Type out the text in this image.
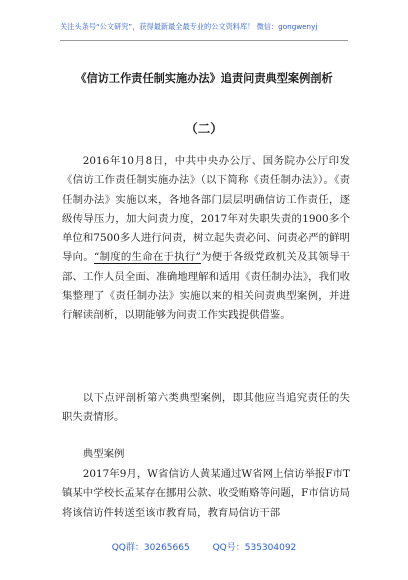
关注头条号“公文研究”，获得最新最全最专业的公文资料库！ 微信：gongwenyj
《信访工作责任制实施办法》追责问责典型案例剖析
（二）

2016年10月8日，中共中央办公厅、国务院办公厅印发《信访工作责任制实施办法》（以下简称《责任制办法》）。《责任制办法》实施以来，各地各部门层层明确信访工作责任，逐级传导压力，加大问责力度，2017年对失职失责的1900多个单位和7500多人进行问责，树立起失责必问、问责必严的鲜明导向。“制度的生命在于执行”为便于各级党政机关及其领导干部、工作人员全面、准确地理解和适用《责任制办法》，我们收集整理了《责任制办法》实施以来的相关问责典型案例，并进行解读剖析，以期能够为问责工作实践提供借鉴。

以下点评剖析第六类典型案例，即其他应当追究责任的失职失责情形。

典型案例

2017年9月，W省信访人黄某通过W省网上信访举报F市T镇某中学校长孟某存在挪用公款、收受贿赂等问题，F市信访局将该信访件转送至该市教育局，教育局信访干部

QQ群：30265665	QQ号：535304092
